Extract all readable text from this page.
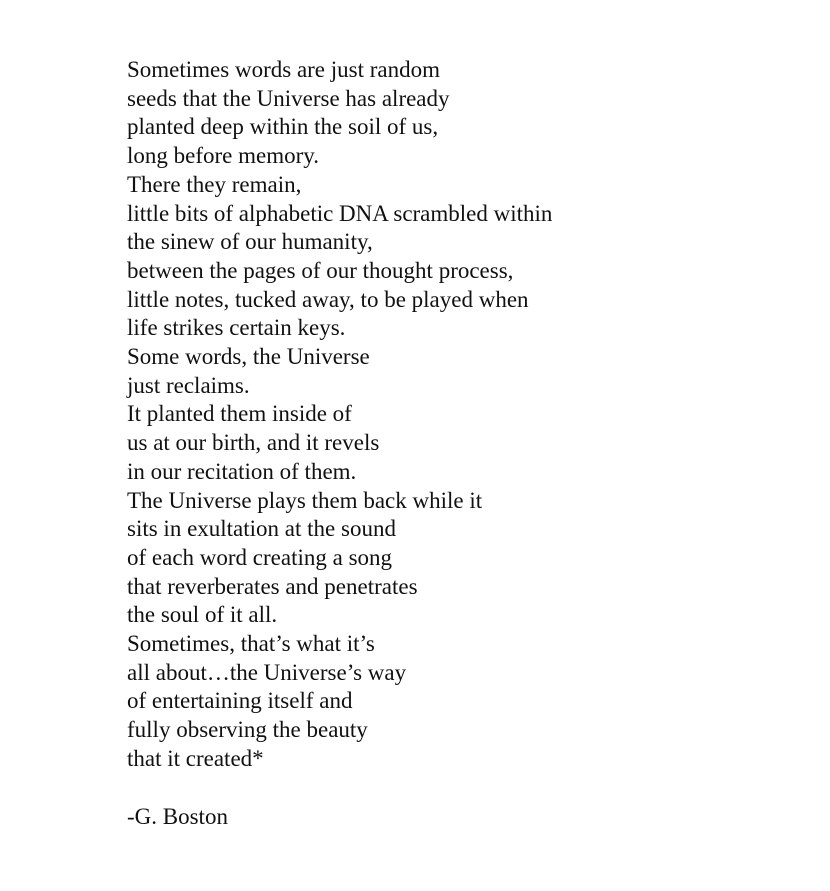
Sometimes words are just random
seeds that the Universe has already
planted deep within the soil of us,
long before memory.
There they remain,
little bits of alphabetic DNA scrambled within
the sinew of our humanity,
between the pages of our thought process,
little notes, tucked away, to be played when
life strikes certain keys.
Some words, the Universe
just reclaims.
It planted them inside of
us at our birth, and it revels
in our recitation of them.
The Universe plays them back while it
sits in exultation at the sound
of each word creating a song
that reverberates and penetrates
the soul of it all.
Sometimes, that’s what it’s
all about…the Universe’s way
of entertaining itself and
fully observing the beauty
that it created*
-G. Boston
